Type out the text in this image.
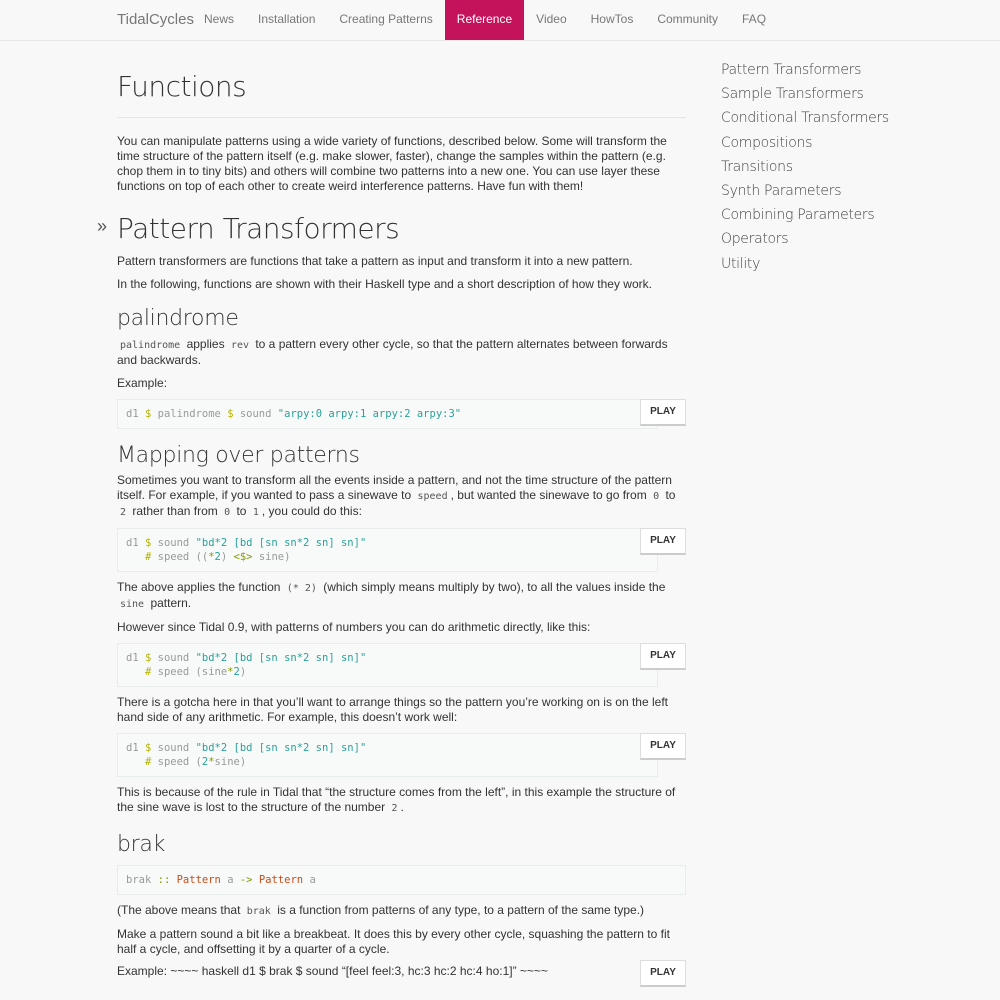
TidalCycles News	Installation	Creating Patterns	Reference	Video	HowTos	Community	FAQ
Functions

You can manipulate patterns using a wide variety of functions, described below. Some will transform the time structure of the pattern itself (e.g. make slower, faster), change the samples within the pattern (e.g. chop them in to tiny bits) and others will combine two patterns into a new one. You can use layer these functions on top of each other to create weird interference patterns. Have fun with them!

» Pattern Transformers

Pattern transformers are functions that take a pattern as input and transform it into a new pattern.

In the following, functions are shown with their Haskell type and a short description of how they work.

palindrome

palindrome applies rev to a pattern every other cycle, so that the pattern alternates between forwards and backwards.

Example:

d1 $ palindrome $ sound "arpy:0 arpy:1 arpy:2 arpy:3"	PLAY
Mapping over patterns

Sometimes you want to transform all the events inside a pattern, and not the time structure of the pattern itself. For example, if you wanted to pass a sinewave to speed , but wanted the sinewave to go from 0 to 2 rather than from 0 to 1 , you could do this:

d1 $ sound "bd*2 [bd [sn sn*2 sn] sn]"
# speed ((*2) <$> sine)
PLAY

The above applies the function (* 2) (which simply means multiply by two), to all the values inside the sine pattern.

However since Tidal 0.9, with patterns of numbers you can do arithmetic directly, like this:

d1 $ sound "bd*2 [bd [sn sn*2 sn] sn]"
# speed (sine*2)
PLAY

There is a gotcha here in that you’ll want to arrange things so the pattern you’re working on is on the left hand side of any arithmetic. For example, this doesn’t work well:

d1 $ sound "bd*2 [bd [sn sn*2 sn] sn]"
# speed (2*sine)
PLAY

This is because of the rule in Tidal that “the structure comes from the left”, in this example the structure of the sine wave is lost to the structure of the number 2 .

brak
brak :: Pattern a -> Pattern a

(The above means that brak is a function from patterns of any type, to a pattern of the same type.)

Make a pattern sound a bit like a breakbeat. It does this by every other cycle, squashing the pattern to fit half a cycle, and offsetting it by a quarter of a cycle.

Example: ~~~~ haskell d1 $ brak $ sound “[feel feel:3, hc:3 hc:2 hc:4 ho:1]” ~~~~	PLAY
Pattern Transformers
Sample Transformers
Conditional Transformers
Compositions
Transitions
Synth Parameters
Combining Parameters
Operators
Utility
